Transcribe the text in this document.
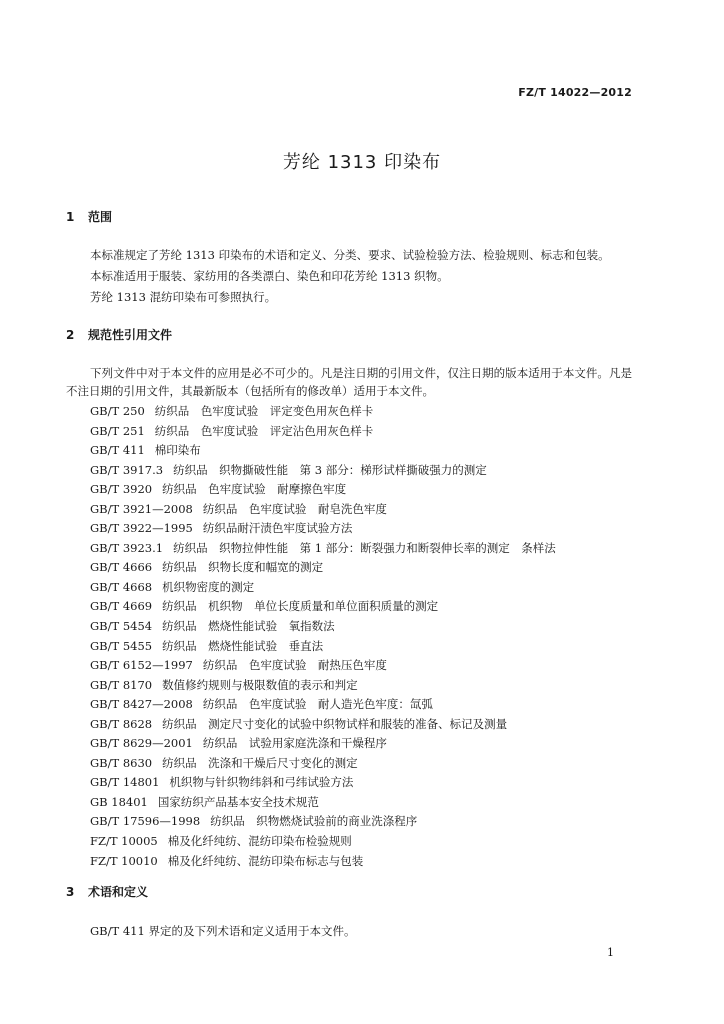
FZ/T 14022—2012
芳纶 1313 印染布
1 范围
本标准规定了芳纶 1313 印染布的术语和定义、分类、要求、试验检验方法、检验规则、标志和包装。
本标准适用于服装、家纺用的各类漂白、染色和印花芳纶 1313 织物。
芳纶 1313 混纺印染布可参照执行。
2 规范性引用文件
下列文件中对于本文件的应用是必不可少的。凡是注日期的引用文件，仅注日期的版本适用于本文件。凡是不注日期的引用文件，其最新版本（包括所有的修改单）适用于本文件。
GB/T 250 纺织品　色牢度试验　评定变色用灰色样卡
GB/T 251 纺织品　色牢度试验　评定沾色用灰色样卡
GB/T 411 棉印染布
GB/T 3917.3 纺织品　织物撕破性能　第 3 部分：梯形试样撕破强力的测定
GB/T 3920 纺织品　色牢度试验　耐摩擦色牢度
GB/T 3921—2008 纺织品　色牢度试验　耐皂洗色牢度
GB/T 3922—1995 纺织品耐汗渍色牢度试验方法
GB/T 3923.1 纺织品　织物拉伸性能　第 1 部分：断裂强力和断裂伸长率的测定　条样法
GB/T 4666 纺织品　织物长度和幅宽的测定
GB/T 4668 机织物密度的测定
GB/T 4669 纺织品　机织物　单位长度质量和单位面积质量的测定
GB/T 5454 纺织品　燃烧性能试验　氧指数法
GB/T 5455 纺织品　燃烧性能试验　垂直法
GB/T 6152—1997 纺织品　色牢度试验　耐热压色牢度
GB/T 8170 数值修约规则与极限数值的表示和判定
GB/T 8427—2008 纺织品　色牢度试验　耐人造光色牢度：氙弧
GB/T 8628 纺织品　测定尺寸变化的试验中织物试样和服装的准备、标记及测量
GB/T 8629—2001 纺织品　试验用家庭洗涤和干燥程序
GB/T 8630 纺织品　洗涤和干燥后尺寸变化的测定
GB/T 14801 机织物与针织物纬斜和弓纬试验方法
GB 18401 国家纺织产品基本安全技术规范
GB/T 17596—1998 纺织品　织物燃烧试验前的商业洗涤程序
FZ/T 10005 棉及化纤纯纺、混纺印染布检验规则
FZ/T 10010 棉及化纤纯纺、混纺印染布标志与包装
3 术语和定义
GB/T 411 界定的及下列术语和定义适用于本文件。
1
